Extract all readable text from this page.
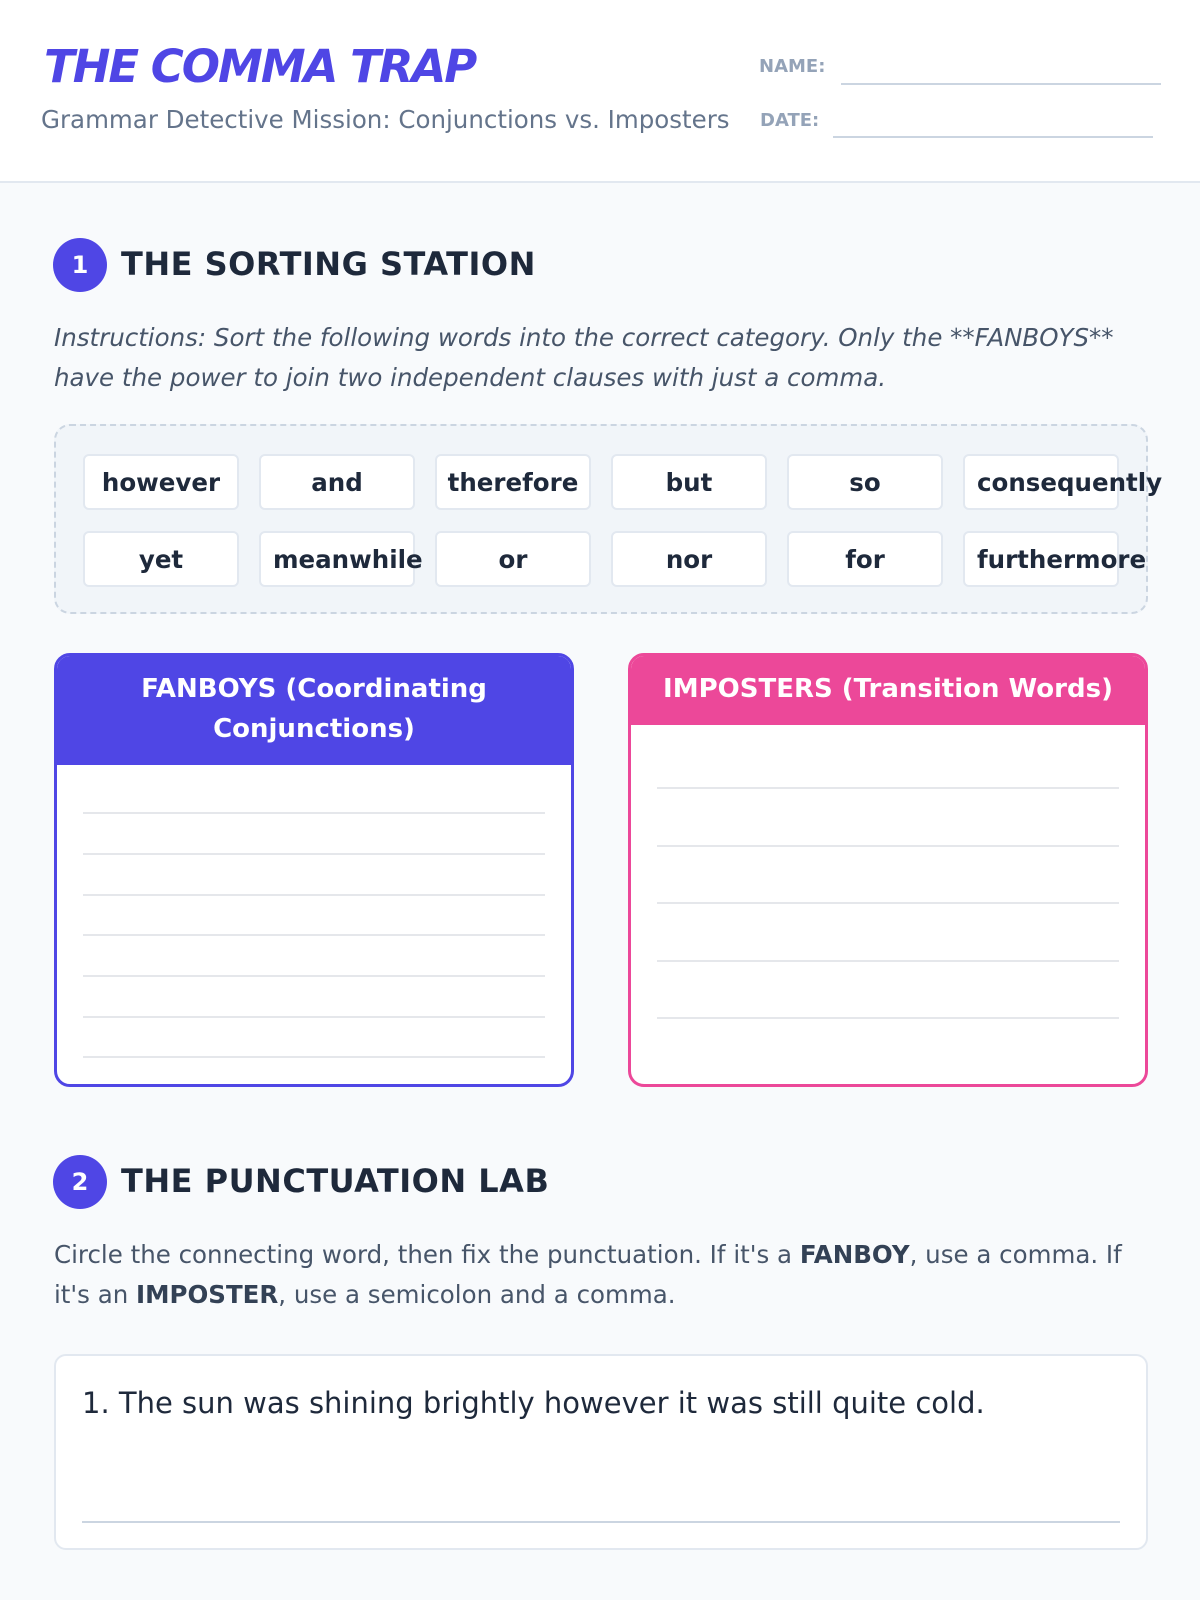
THE COMMA TRAP
Grammar Detective Mission: Conjunctions vs. Imposters
NAME:
DATE:
1	THE SORTING STATION
Instructions: Sort the following words into the correct category. Only the **FANBOYS** have the power to join two independent clauses with just a comma.
however	and	therefore	but	so	consequently
yet	meanwhile	or	nor	for	furthermore
FANBOYS (Coordinating Conjunctions)
IMPOSTERS (Transition Words)
2	THE PUNCTUATION LAB
Circle the connecting word, then fix the punctuation. If it's a FANBOY, use a comma. If it's an IMPOSTER, use a semicolon and a comma.
1. The sun was shining brightly however it was still quite cold.
